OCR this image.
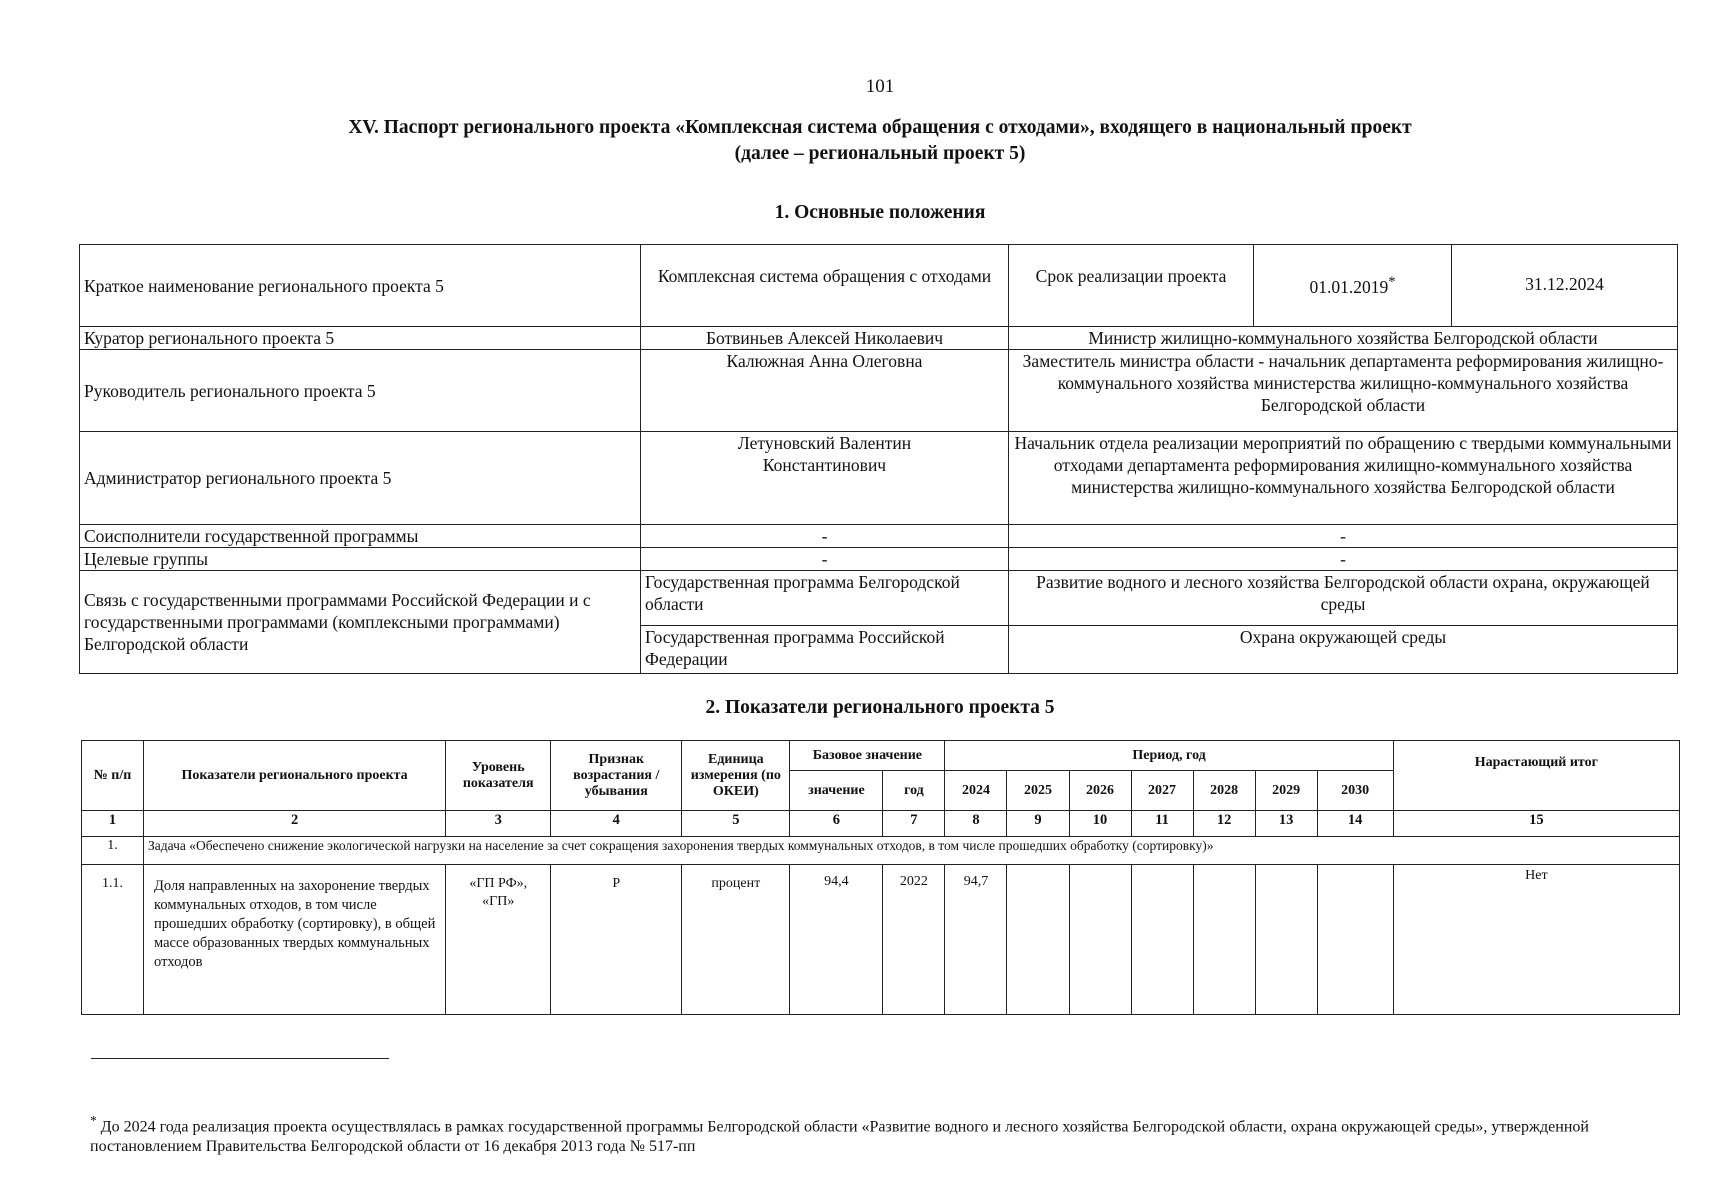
101
XV. Паспорт регионального проекта «Комплексная система обращения с отходами», входящего в национальный проект
(далее – региональный проект 5)
1. Основные положения
Краткое наименование регионального проекта 5	Комплексная система обращения с отходами	Срок реализации проекта	01.01.2019*	31.12.2024
Куратор регионального проекта 5	Ботвиньев Алексей Николаевич	Министр жилищно-коммунального хозяйства Белгородской области		
Руководитель регионального проекта 5	Калюжная Анна Олеговна	Заместитель министра области - начальник департамента реформирования жилищно-коммунального хозяйства министерства жилищно-коммунального хозяйства Белгородской области		
Администратор регионального проекта 5	Летуновский Валентин Константинович	Начальник отдела реализации мероприятий по обращению с твердыми коммунальными отходами департамента реформирования жилищно-коммунального хозяйства министерства жилищно-коммунального хозяйства Белгородской области		
Соисполнители государственной программы	-	-		
Целевые группы	-	-		
Связь с государственными программами Российской Федерации и с государственными программами (комплексными программами) Белгородской области	Государственная программа Белгородской области	Развитие водного и лесного хозяйства Белгородской области охрана, окружающей среды		
	Государственная программа Российской Федерации	Охрана окружающей среды		
2. Показатели регионального проекта 5
№ п/п	Показатели регионального проекта	Уровень показателя	Признак возрастания / убывания	Единица измерения (по ОКЕИ)	Базовое значение		Период, год							Нарастающий итог
					значение	год	2024	2025	2026	2027	2028	2029	2030	
1	2	3	4	5	6	7	8	9	10	11	12	13	14	15
1.	Задача «Обеспечено снижение экологической нагрузки на население за счет сокращения захоронения твердых коммунальных отходов, в том числе прошедших обработку (сортировку)»													
1.1.	Доля направленных на захоронение твердых коммунальных отходов, в том числе прошедших обработку (сортировку), в общей массе образованных твердых коммунальных отходов	«ГП РФ», «ГП»	Р	процент	94,4	2022	94,7							Нет
* До 2024 года реализация проекта осуществлялась в рамках государственной программы Белгородской области «Развитие водного и лесного хозяйства Белгородской области, охрана окружающей среды», утвержденной постановлением Правительства Белгородской области от 16 декабря 2013 года № 517-пп
